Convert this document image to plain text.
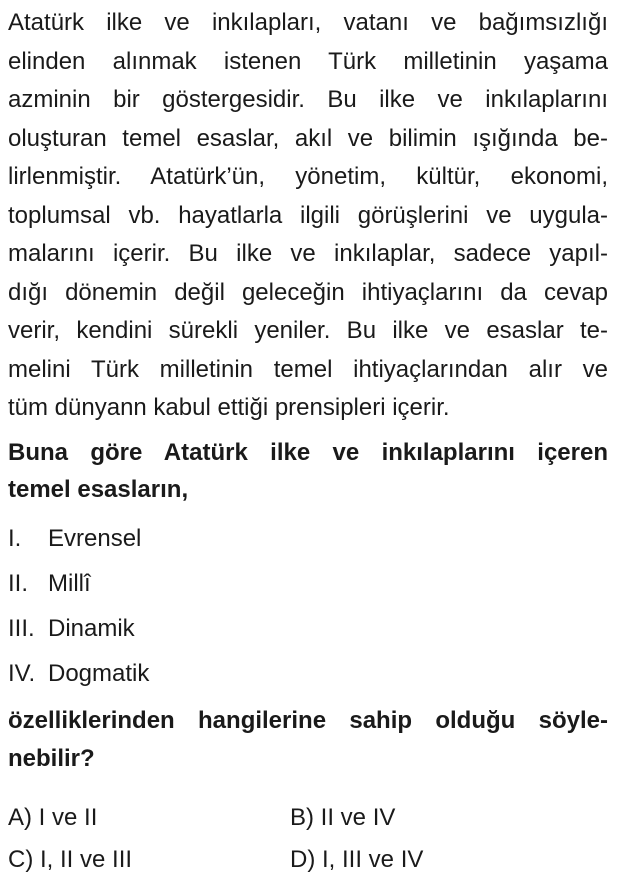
Atatürk ilke ve inkılapları, vatanı ve bağımsızlığı
elinden alınmak istenen Türk milletinin yaşama
azminin bir göstergesidir. Bu ilke ve inkılaplarını
oluşturan temel esaslar, akıl ve bilimin ışığında be-
lirlenmiştir. Atatürk’ün, yönetim, kültür, ekonomi,
toplumsal vb. hayatlarla ilgili görüşlerini ve uygula-
malarını içerir. Bu ilke ve inkılaplar, sadece yapıl-
dığı dönemin değil geleceğin ihtiyaçlarını da cevap
verir, kendini sürekli yeniler. Bu ilke ve esaslar te-
melini Türk milletinin temel ihtiyaçlarından alır ve
tüm dünyann kabul ettiği prensipleri içerir.
Buna göre Atatürk ilke ve inkılaplarını içeren
temel esasların,
I.	Evrensel
II. Millî
III. Dinamik
IV. Dogmatik
özelliklerinden hangilerine sahip olduğu söyle-
nebilir?
A) I ve II	B) II ve IV
C) I, II ve III	D) I, III ve IV
